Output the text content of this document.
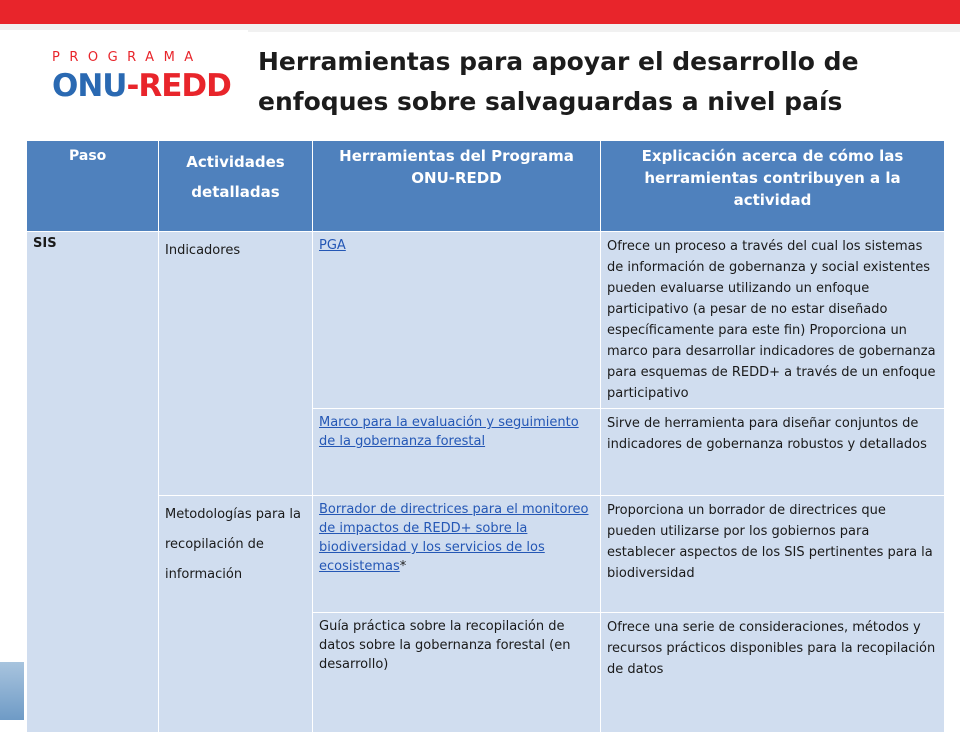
PROGRAMA
ONU-REDD
Herramientas para apoyar el desarrollo de enfoques sobre salvaguardas a nivel país
Paso	Actividades detalladas	Herramientas del Programa ONU-REDD	Explicación acerca de cómo las herramientas contribuyen a la actividad
SIS	Indicadores	PGA	Ofrece un proceso a través del cual los sistemas de información de gobernanza y social existentes pueden evaluarse utilizando un enfoque participativo (a pesar de no estar diseñado específicamente para este fin) Proporciona un marco para desarrollar indicadores de gobernanza para esquemas de REDD+ a través de un enfoque participativo
		Marco para la evaluación y seguimiento de la gobernanza forestal	Sirve de herramienta para diseñar conjuntos de indicadores de gobernanza robustos y detallados
	Metodologías para la recopilación de información	Borrador de directrices para el monitoreo de impactos de REDD+ sobre la biodiversidad y los servicios de los ecosistemas*	Proporciona un borrador de directrices que pueden utilizarse por los gobiernos para establecer aspectos de los SIS pertinentes para la biodiversidad
		Guía práctica sobre la recopilación de datos sobre la gobernanza forestal (en desarrollo)	Ofrece una serie de consideraciones, métodos y recursos prácticos disponibles para la recopilación de datos
